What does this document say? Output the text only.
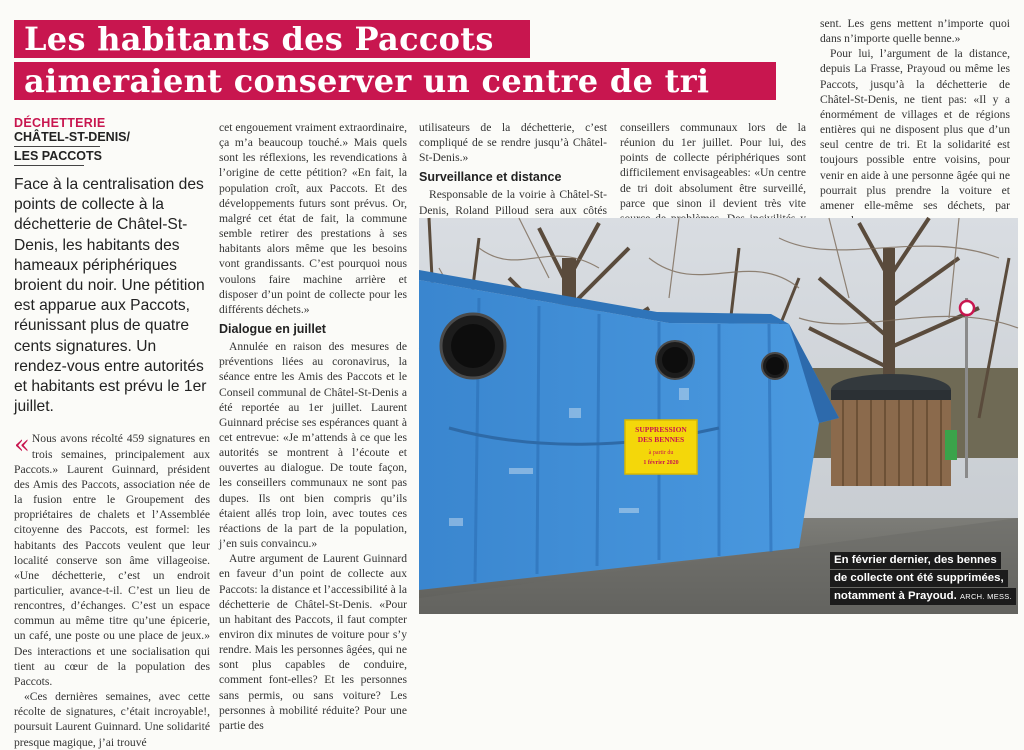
Les habitants des Paccots
aimeraient conserver un centre de tri
DÉCHETTERIE
CHÂTEL-ST-DENIS/
LES PACCOTS

Face à la centralisation des points de collecte à la déchetterie de Châtel-St-Denis, les habitants des hameaux périphériques broient du noir. Une pétition est apparue aux Paccots, réunissant plus de quatre cents signatures. Un rendez-vous entre autorités et habitants est prévu le 1er juillet.

« Nous avons récolté 459 signatures en trois semaines, principalement aux Paccots.» Laurent Guinnard, président des Amis des Paccots, association née de la fusion entre le Groupement des propriétaires de chalets et l’Assemblée citoyenne des Paccots, est formel: les habitants des Paccots veulent que leur localité conserve son âme villageoise. «Une déchetterie, c’est un endroit particulier, avance-t-il. C’est un lieu de rencontres, d’échanges. C’est un espace commun au même titre qu’une épicerie, un café, une poste ou une place de jeux.» Des interactions et une socialisation qui tient au cœur de la population des Paccots.

«Ces dernières semaines, avec cette récolte de signatures, c’était incroyable!, poursuit Laurent Guinnard. Une solidarité presque magique, j’ai trouvé

cet engouement vraiment extraordinaire, ça m’a beaucoup touché.» Mais quels sont les réflexions, les revendications à l’origine de cette pétition? «En fait, la population croît, aux Paccots. Et des développements futurs sont prévus. Or, malgré cet état de fait, la commune semble retirer des prestations à ses habitants alors même que les besoins vont grandissants. C’est pourquoi nous voulons faire machine arrière et disposer d’un point de collecte pour les différents déchets.»

Dialogue en juillet

Annulée en raison des mesures de préventions liées au coronavirus, la séance entre les Amis des Paccots et le Conseil communal de Châtel-St-Denis a été reportée au 1er juillet. Laurent Guinnard précise ses espérances quant à cet entrevue: «Je m’attends à ce que les autorités se montrent à l’écoute et ouvertes au dialogue. De toute façon, les conseillers communaux ne sont pas dupes. Ils ont bien compris qu’ils étaient allés trop loin, avec toutes ces réactions de la part de la population, j’en suis convaincu.»

Autre argument de Laurent Guinnard en faveur d’un point de collecte aux Paccots: la distance et l’accessibilité à la déchetterie de Châtel-St-Denis. «Pour un habitant des Paccots, il faut compter environ dix minutes de voiture pour s’y rendre. Mais les personnes âgées, qui ne sont plus capables de conduire, comment font-elles? Et les personnes sans permis, ou sans voiture? Les personnes à mobilité réduite? Pour une partie des

utilisateurs de la déchetterie, c’est compliqué de se rendre jusqu’à Châtel-St-Denis.»

Surveillance et distance

Responsable de la voirie à Châtel-St-Denis, Roland Pilloud sera aux côtés

conseillers communaux lors de la réunion du 1er juillet. Pour lui, des points de collecte périphériques sont difficilement envisageables: «Un centre de tri doit absolument être surveillé, parce que sinon il devient très vite

sent. Les gens mettent n’importe quoi dans n’importe quelle benne.»

Pour lui, l’argument de la distance, depuis La Frasse, Prayoud ou même les Paccots, jusqu’à la déchetterie de Châtel-St-Denis, ne tient pas: «Il y a énormément de villages et de régions entières qui ne disposent plus que d’un seul centre de tri. Et la solidarité est toujours possible entre voisins, pour venir en aide à une personne âgée qui ne pourrait plus prendre la voiture et amener elle-même ses déchets, par

SUPPRESSION
DES BENNES
à partir du
1 février 2020
En février dernier, des bennes
de collecte ont été supprimées,
notamment à Prayoud. ARCH. MESS.
